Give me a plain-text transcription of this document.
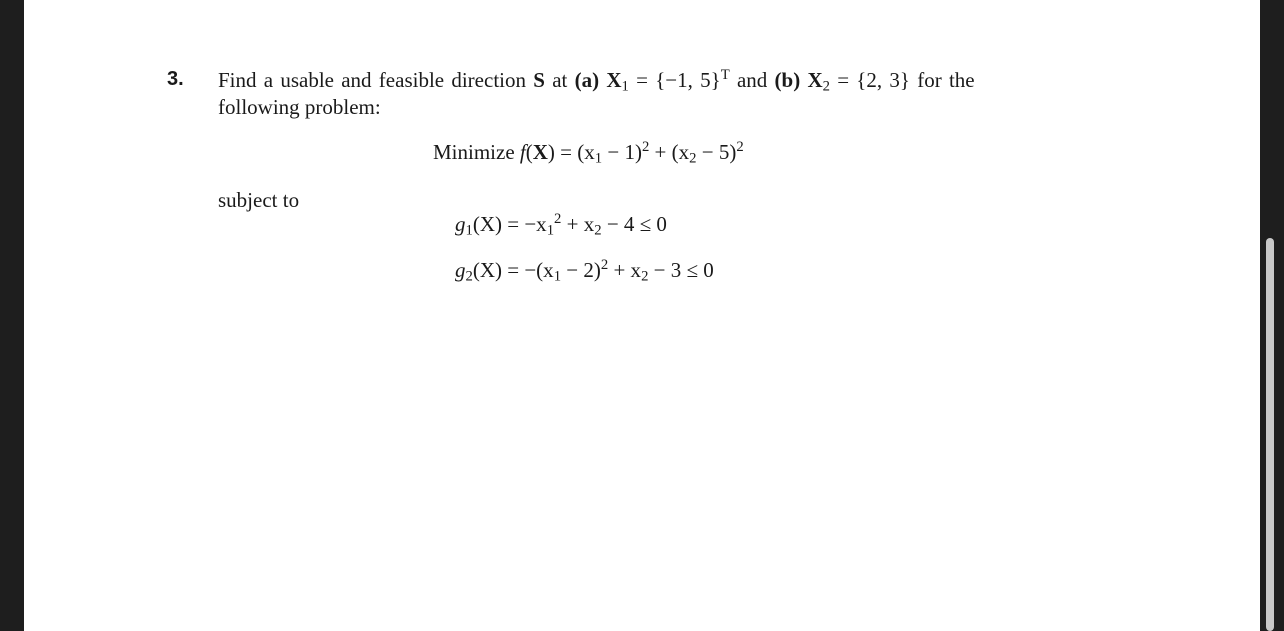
3. Find a usable and feasible direction S at (a) $X_1 = \{-1$, 5}$^T$ and (b) $X_2 = \{2$, 3} for the
following problem:
Minimize $f(X) = (x_1 - 1)^2 + (x_2 - 5)^2$
subject to
$g_1(X) = -x_1^2 + x_2 - 4 \le 0$
$g_2(X) = -(x_1 - 2)^2 + x_2 - 3 \le 0$
